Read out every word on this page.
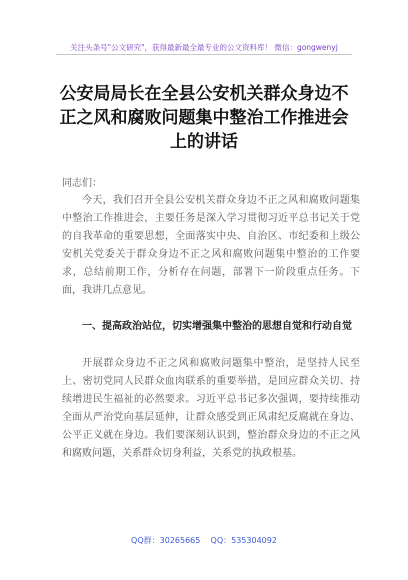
关注头条号"公文研究"，获得最新最全最专业的公文资料库！ 微信：gongwenyj
公安局局长在全县公安机关群众身边不正之风和腐败问题集中整治工作推进会上的讲话
同志们：
今天，我们召开全县公安机关群众身边不正之风和腐败问题集中整治工作推进会，主要任务是深入学习贯彻习近平总书记关于党的自我革命的重要思想，全面落实中央、自治区、市纪委和上级公安机关党委关于群众身边不正之风和腐败问题集中整治的工作要求，总结前期工作，分析存在问题，部署下一阶段重点任务。下面，我讲几点意见。
一、提高政治站位，切实增强集中整治的思想自觉和行动自觉
开展群众身边不正之风和腐败问题集中整治，是坚持人民至上、密切党同人民群众血肉联系的重要举措，是回应群众关切、持续增进民生福祉的必然要求。习近平总书记多次强调，要持续推动全面从严治党向基层延伸，让群众感受到正风肃纪反腐就在身边、公平正义就在身边。我们要深刻认识到，整治群众身边的不正之风和腐败问题，关系群众切身利益，关系党的执政根基。
QQ群：30265665    QQ：535304092
